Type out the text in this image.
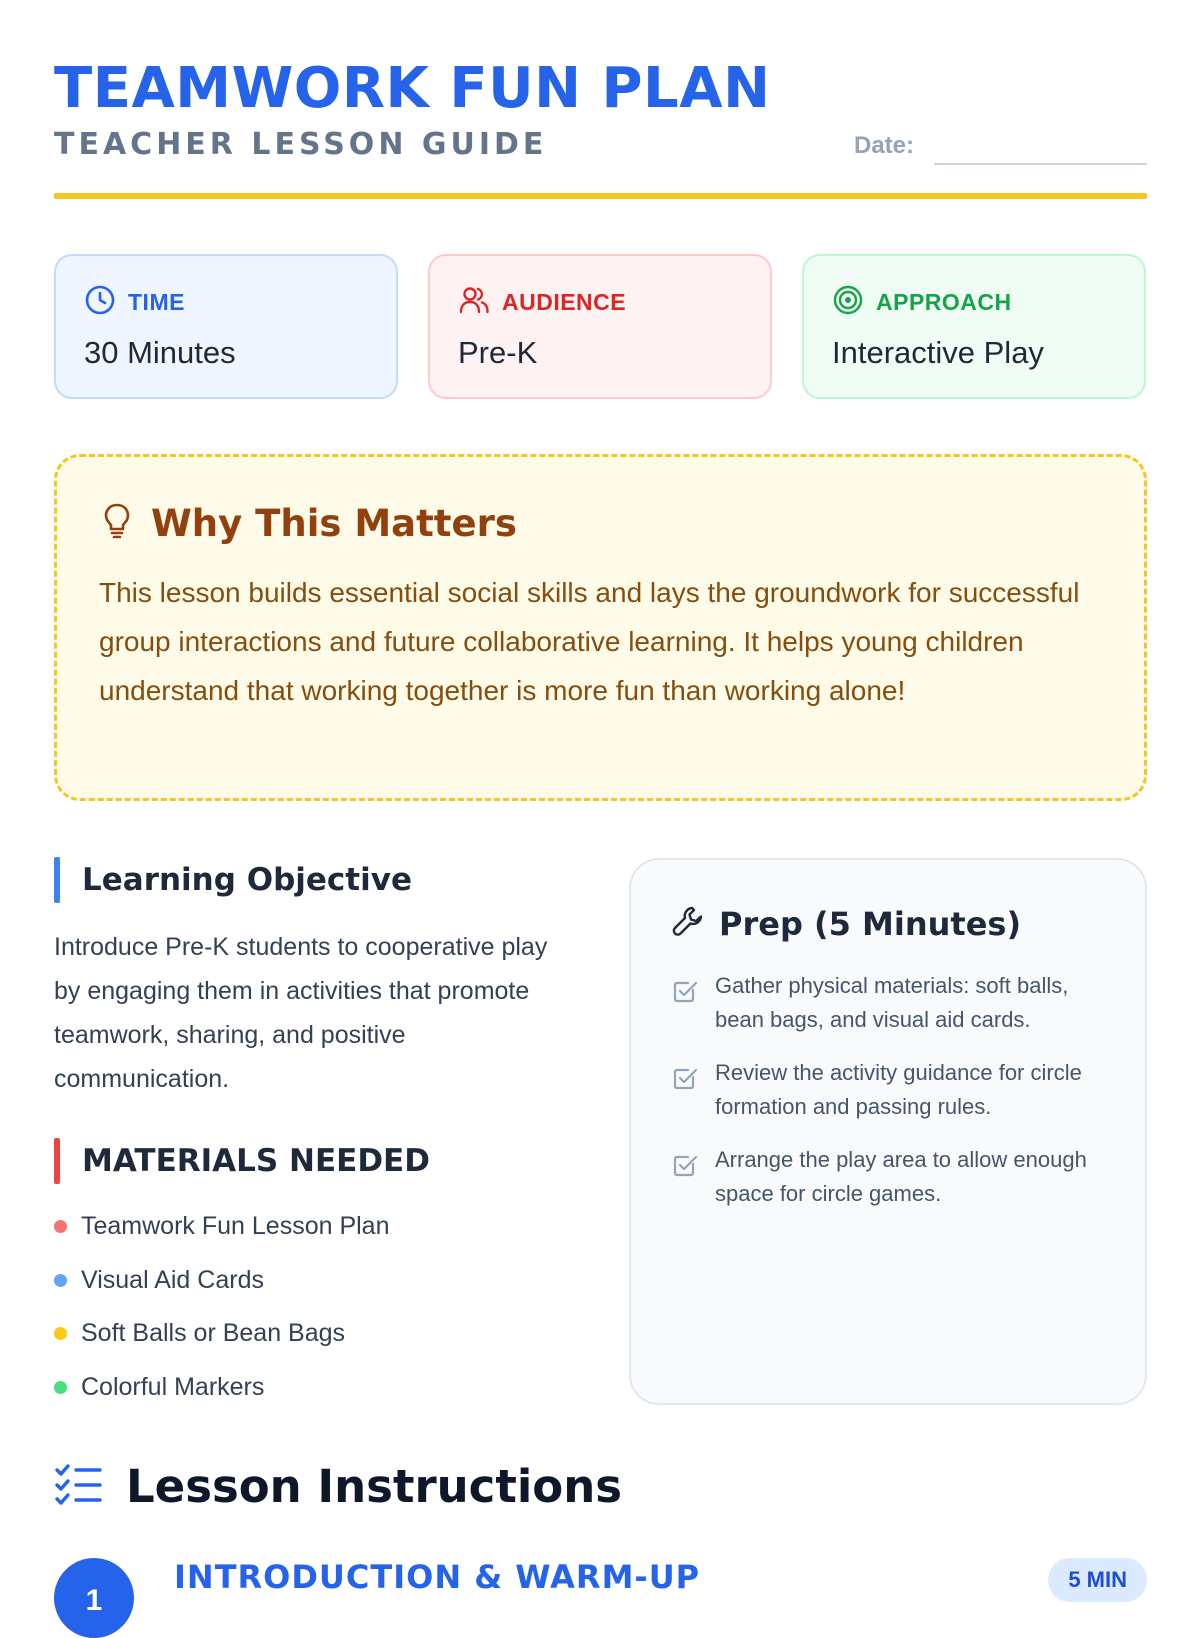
TEAMWORK FUN PLAN
TEACHER LESSON GUIDE	Date:
TIME
30 Minutes
AUDIENCE
Pre-K
APPROACH
Interactive Play
Why This Matters

This lesson builds essential social skills and lays the groundwork for successful group interactions and future collaborative learning. It helps young children understand that working together is more fun than working alone!

Learning Objective

Introduce Pre-K students to cooperative play by engaging them in activities that promote teamwork, sharing, and positive communication.

MATERIALS NEEDED
Teamwork Fun Lesson Plan
Visual Aid Cards
Soft Balls or Bean Bags
Colorful Markers
Prep (5 Minutes)
Gather physical materials: soft balls, bean bags, and visual aid cards.
Review the activity guidance for circle formation and passing rules.
Arrange the play area to allow enough space for circle games.
Lesson Instructions
1
INTRODUCTION & WARM-UP	5 MIN
